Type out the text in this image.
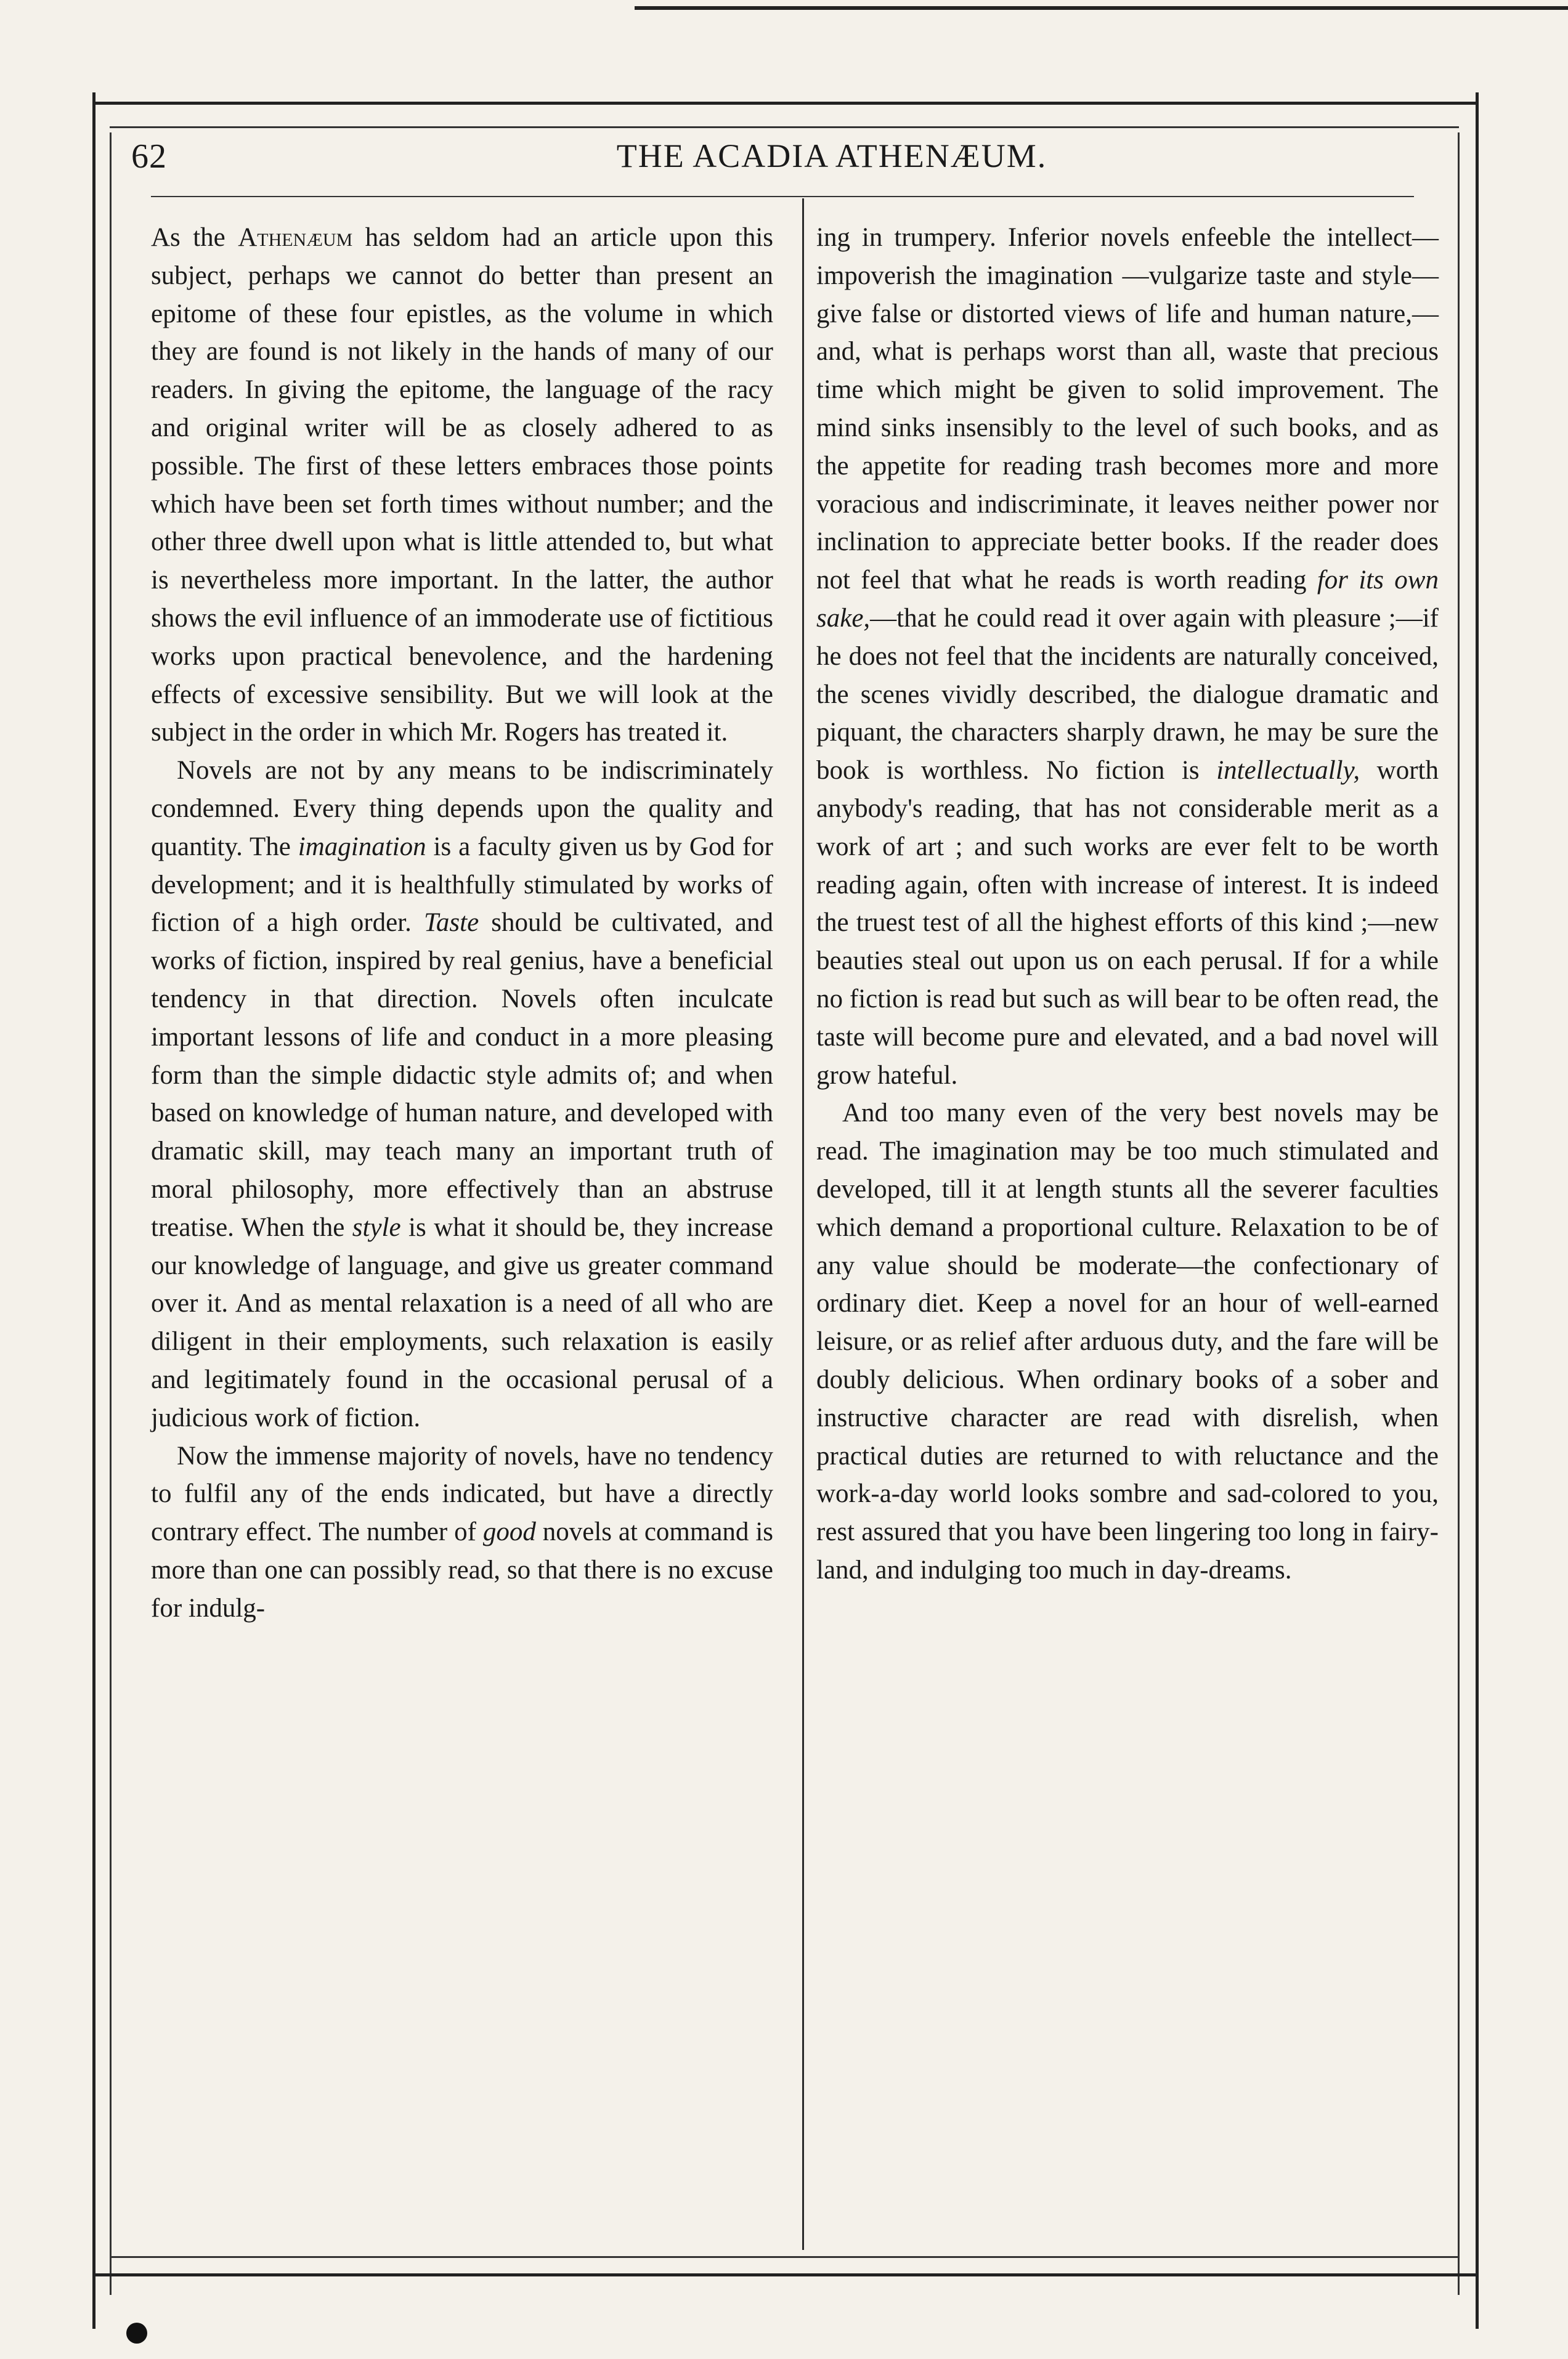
62	THE ACADIA ATHENÆUM.

As the Athenæum has seldom had an article upon this subject, perhaps we cannot do better than present an epitome of these four epistles, as the volume in which they are found is not likely in the hands of many of our readers. In giving the epitome, the language of the racy and original writer will be as closely adhered to as possible. The first of these letters embraces those points which have been set forth times without number; and the other three dwell upon what is little attended to, but what is nevertheless more important. In the latter, the author shows the evil influence of an immoderate use of fictitious works upon practical benevolence, and the hardening effects of excessive sensibility. But we will look at the subject in the order in which Mr. Rogers has treated it.

Novels are not by any means to be indiscriminately condemned. Every thing depends upon the quality and quantity. The imagination is a faculty given us by God for development; and it is healthfully stimulated by works of fiction of a high order. Taste should be cultivated, and works of fiction, inspired by real genius, have a beneficial tendency in that direction. Novels often inculcate important lessons of life and conduct in a more pleasing form than the simple didactic style admits of; and when based on knowledge of human nature, and developed with dramatic skill, may teach many an important truth of moral philosophy, more effectively than an abstruse treatise. When the style is what it should be, they increase our knowledge of language, and give us greater command over it. And as mental relaxation is a need of all who are diligent in their employments, such relaxation is easily and legitimately found in the occasional perusal of a judicious work of fiction.

Now the immense majority of novels, have no tendency to fulfil any of the ends indicated, but have a directly contrary effect. The number of good novels at command is more than one can possibly read, so that there is no excuse for indulg-

ing in trumpery. Inferior novels enfeeble the intellect—impoverish the imagination —vulgarize taste and style—give false or distorted views of life and human nature,— and, what is perhaps worst than all, waste that precious time which might be given to solid improvement. The mind sinks insensibly to the level of such books, and as the appetite for reading trash becomes more and more voracious and indiscriminate, it leaves neither power nor inclination to appreciate better books. If the reader does not feel that what he reads is worth reading for its own sake,—that he could read it over again with pleasure ;—if he does not feel that the incidents are naturally conceived, the scenes vividly described, the dialogue dramatic and piquant, the characters sharply drawn, he may be sure the book is worthless. No fiction is intellectually, worth anybody's reading, that has not considerable merit as a work of art ; and such works are ever felt to be worth reading again, often with increase of interest. It is indeed the truest test of all the highest efforts of this kind ;—new beauties steal out upon us on each perusal. If for a while no fiction is read but such as will bear to be often read, the taste will become pure and elevated, and a bad novel will grow hateful.

And too many even of the very best novels may be read. The imagination may be too much stimulated and developed, till it at length stunts all the severer faculties which demand a proportional culture. Relaxation to be of any value should be moderate—the confectionary of ordinary diet. Keep a novel for an hour of well-earned leisure, or as relief after arduous duty, and the fare will be doubly delicious. When ordinary books of a sober and instructive character are read with disrelish, when practical duties are returned to with reluctance and the work-a-day world looks sombre and sad-colored to you, rest assured that you have been lingering too long in fairy-land, and indulging too much in day-dreams.
